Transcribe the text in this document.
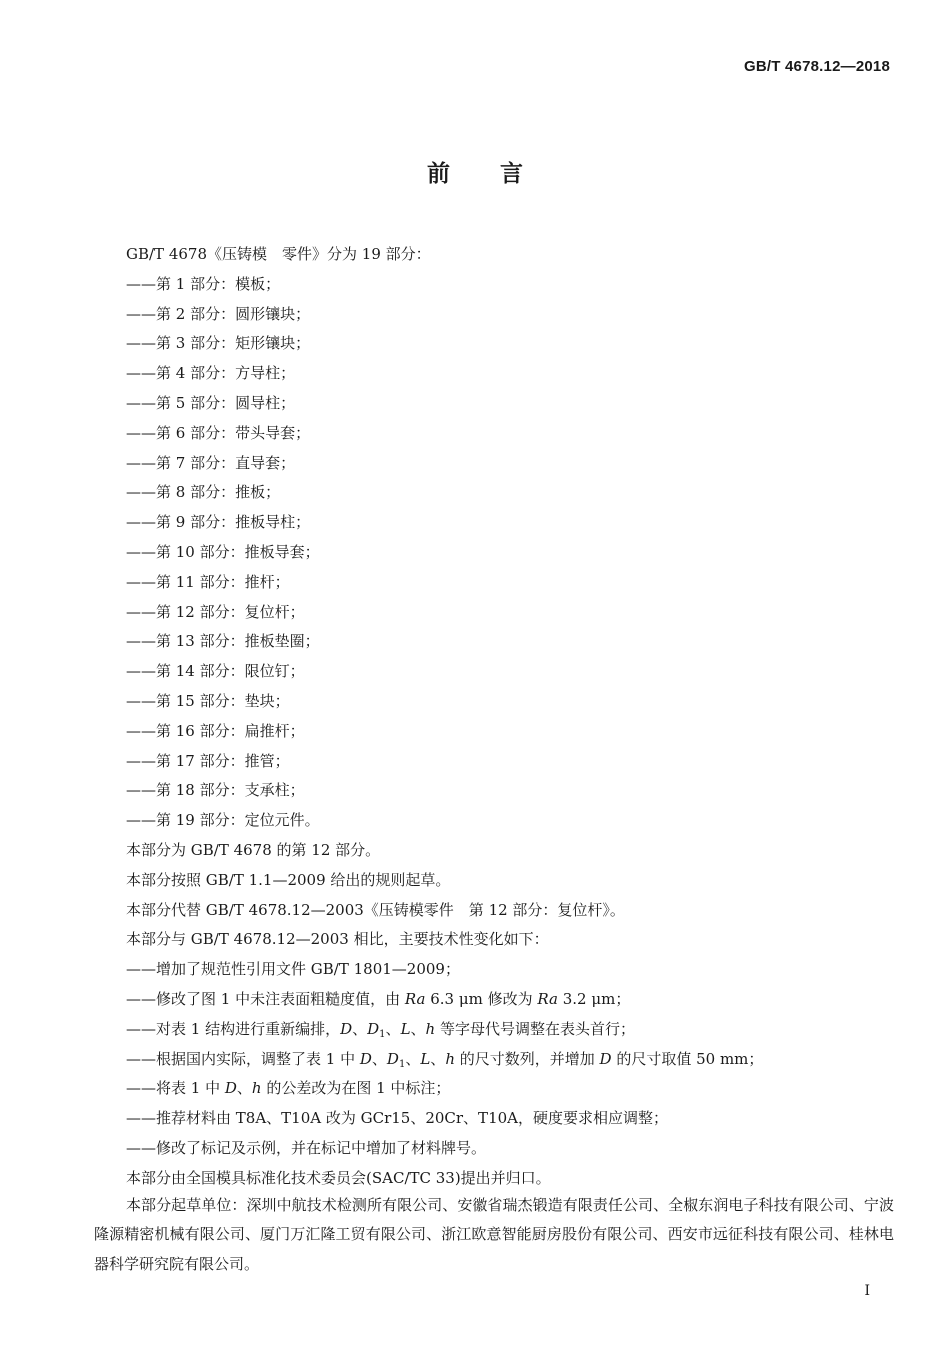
GB/T 4678.12—2018
前言
GB/T 4678《压铸模　零件》分为 19 部分：
——第 1 部分：模板；
——第 2 部分：圆形镶块；
——第 3 部分：矩形镶块；
——第 4 部分：方导柱；
——第 5 部分：圆导柱；
——第 6 部分：带头导套；
——第 7 部分：直导套；
——第 8 部分：推板；
——第 9 部分：推板导柱；
——第 10 部分：推板导套；
——第 11 部分：推杆；
——第 12 部分：复位杆；
——第 13 部分：推板垫圈；
——第 14 部分：限位钉；
——第 15 部分：垫块；
——第 16 部分：扁推杆；
——第 17 部分：推管；
——第 18 部分：支承柱；
——第 19 部分：定位元件。
本部分为 GB/T 4678 的第 12 部分。
本部分按照 GB/T 1.1—2009 给出的规则起草。
本部分代替 GB/T 4678.12—2003《压铸模零件　第 12 部分：复位杆》。
本部分与 GB/T 4678.12—2003 相比，主要技术性变化如下：
——增加了规范性引用文件 GB/T 1801—2009；
——修改了图 1 中未注表面粗糙度值，由 Ra 6.3 μm 修改为 Ra 3.2 μm；
——对表 1 结构进行重新编排，D、$D_1$、L、h 等字母代号调整在表头首行；
——根据国内实际，调整了表 1 中 D、$D_1$、L、h 的尺寸数列，并增加 D 的尺寸取值 50 mm；
——将表 1 中 D、h 的公差改为在图 1 中标注；
——推荐材料由 T8A、T10A 改为 GCr15、20Cr、T10A，硬度要求相应调整；
——修改了标记及示例，并在标记中增加了材料牌号。
本部分由全国模具标准化技术委员会(SAC/TC 33)提出并归口。
本部分起草单位：深圳中航技术检测所有限公司、安徽省瑞杰锻造有限责任公司、全椒东润电子科技有限公司、宁波隆源精密机械有限公司、厦门万汇隆工贸有限公司、浙江欧意智能厨房股份有限公司、西安市远征科技有限公司、桂林电器科学研究院有限公司。
I
